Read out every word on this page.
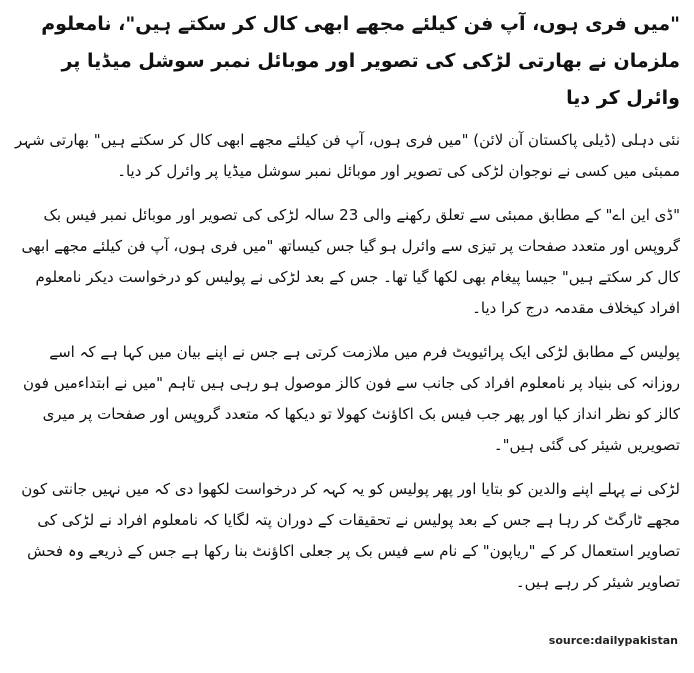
"میں فری ہوں، آپ فن کیلئے مجھے ابھی کال کر سکتے ہیں"، نامعلوم ملزمان نے بھارتی لڑکی کی تصویر اور موبائل نمبر سوشل میڈیا پر وائرل کر دیا
نئی دہلی (ڈیلی پاکستان آن لائن) "میں فری ہوں، آپ فن کیلئے مجھے ابھی کال کر سکتے ہیں" بھارتی شہر ممبئی میں کسی نے نوجوان لڑکی کی تصویر اور موبائل نمبر سوشل میڈیا پر وائرل کر دیا۔
"ڈی این اے" کے مطابق ممبئی سے تعلق رکھنے والی 23 سالہ لڑکی کی تصویر اور موبائل نمبر فیس بک گروپس اور متعدد صفحات پر تیزی سے وائرل ہو گیا جس کیساتھ "میں فری ہوں، آپ فن کیلئے مجھے ابھی کال کر سکتے ہیں" جیسا پیغام بھی لکھا گیا تھا۔ جس کے بعد لڑکی نے پولیس کو درخواست دیکر نامعلوم افراد کیخلاف مقدمہ درج کرا دیا۔
پولیس کے مطابق لڑکی ایک پرائیویٹ فرم میں ملازمت کرتی ہے جس نے اپنے بیان میں کہا ہے کہ اسے روزانہ کی بنیاد پر نامعلوم افراد کی جانب سے فون کالز موصول ہو رہی ہیں تاہم "میں نے ابتداءمیں فون کالز کو نظر انداز کیا اور پھر جب فیس بک اکاﺅنٹ کھولا تو دیکھا کہ متعدد گروپس اور صفحات پر میری تصویریں شیئر کی گئی ہیں"۔
لڑکی نے پہلے اپنے والدین کو بتایا اور پھر پولیس کو یہ کہہ کر درخواست لکھوا دی کہ میں نہیں جانتی کون مجھے ٹارگٹ کر رہا ہے جس کے بعد پولیس نے تحقیقات کے دوران پتہ لگایا کہ نامعلوم افراد نے لڑکی کی تصاویر استعمال کر کے "ریاپون" کے نام سے فیس بک پر جعلی اکاﺅنٹ بنا رکھا ہے جس کے ذریعے وہ فحش تصاویر شیئر کر رہے ہیں۔
source:dailypakistan
